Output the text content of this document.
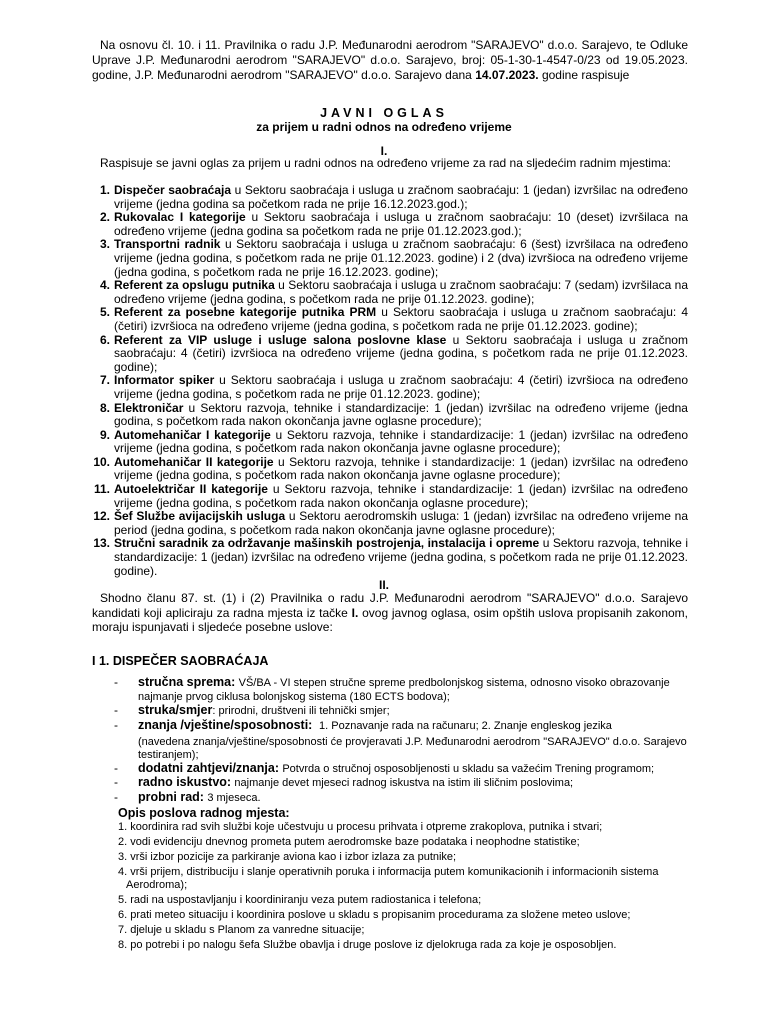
Na osnovu čl. 10. i 11. Pravilnika o radu J.P. Međunarodni aerodrom "SARAJEVO" d.o.o. Sarajevo, te Odluke Uprave J.P. Međunarodni aerodrom "SARAJEVO" d.o.o. Sarajevo, broj: 05-1-30-1-4547-0/23 od 19.05.2023. godine, J.P. Međunarodni aerodrom "SARAJEVO" d.o.o. Sarajevo dana 14.07.2023. godine raspisuje
JAVNI OGLAS
za prijem u radni odnos na određeno vrijeme
I.
Raspisuje se javni oglas za prijem u radni odnos na određeno vrijeme za rad na sljedećim radnim mjestima:
1. Dispečer saobraćaja u Sektoru saobraćaja i usluga u zračnom saobraćaju: 1 (jedan) izvršilac na određeno vrijeme (jedna godina sa početkom rada ne prije 16.12.2023.god.);
2. Rukovalac I kategorije u Sektoru saobraćaja i usluga u zračnom saobraćaju: 10 (deset) izvršilaca na određeno vrijeme (jedna godina sa početkom rada ne prije 01.12.2023.god.);
3. Transportni radnik u Sektoru saobraćaja i usluga u zračnom saobraćaju: 6 (šest) izvršilaca na određeno vrijeme (jedna godina, s početkom rada ne prije 01.12.2023. godine) i 2 (dva) izvršioca na određeno vrijeme (jedna godina, s početkom rada ne prije 16.12.2023. godine);
4. Referent za opslugu putnika u Sektoru saobraćaja i usluga u zračnom saobraćaju: 7 (sedam) izvršilaca na određeno vrijeme (jedna godina, s početkom rada ne prije 01.12.2023. godine);
5. Referent za posebne kategorije putnika PRM u Sektoru saobraćaja i usluga u zračnom saobraćaju: 4 (četiri) izvršioca na određeno vrijeme (jedna godina, s početkom rada ne prije 01.12.2023. godine);
6. Referent za VIP usluge i usluge salona poslovne klase u Sektoru saobraćaja i usluga u zračnom saobraćaju: 4 (četiri) izvršioca na određeno vrijeme (jedna godina, s početkom rada ne prije 01.12.2023. godine);
7. Informator spiker u Sektoru saobraćaja i usluga u zračnom saobraćaju: 4 (četiri) izvršioca na određeno vrijeme (jedna godina, s početkom rada ne prije 01.12.2023. godine);
8. Elektroničar u Sektoru razvoja, tehnike i standardizacije: 1 (jedan) izvršilac na određeno vrijeme (jedna godina, s početkom rada nakon okončanja javne oglasne procedure);
9. Automehaničar I kategorije u Sektoru razvoja, tehnike i standardizacije: 1 (jedan) izvršilac na određeno vrijeme (jedna godina, s početkom rada nakon okončanja javne oglasne procedure);
10. Automehaničar II kategorije u Sektoru razvoja, tehnike i standardizacije: 1 (jedan) izvršilac na određeno vrijeme (jedna godina, s početkom rada nakon okončanja javne oglasne procedure);
11. Autoelektričar II kategorije u Sektoru razvoja, tehnike i standardizacije: 1 (jedan) izvršilac na određeno vrijeme (jedna godina, s početkom rada nakon okončanja oglasne procedure);
12. Šef Službe avijacijskih usluga u Sektoru aerodromskih usluga: 1 (jedan) izvršilac na određeno vrijeme na period (jedna godina, s početkom rada nakon okončanja javne oglasne procedure);
13. Stručni saradnik za održavanje mašinskih postrojenja, instalacija i opreme u Sektoru razvoja, tehnike i standardizacije: 1 (jedan) izvršilac na određeno vrijeme (jedna godina, s početkom rada ne prije 01.12.2023. godine).
II.
Shodno članu 87. st. (1) i (2) Pravilnika o radu J.P. Međunarodni aerodrom "SARAJEVO" d.o.o. Sarajevo kandidati koji apliciraju za radna mjesta iz tačke I. ovog javnog oglasa, osim opštih uslova propisanih zakonom, moraju ispunjavati i sljedeće posebne uslove:
I 1. DISPEČER SAOBRAĆAJA
-	stručna sprema: VŠ/BA - VI stepen stručne spreme predbolonjskog sistema, odnosno visoko obrazovanje najmanje prvog ciklusa bolonjskog sistema (180 ECTS bodova);
-	struka/smjer: prirodni, društveni ili tehnički smjer;
-	znanja /vještine/sposobnosti: 1. Poznavanje rada na računaru; 2. Znanje engleskog jezika
(navedena znanja/vještine/sposobnosti će provjeravati J.P. Međunarodni aerodrom "SARAJEVO" d.o.o. Sarajevo testiranjem);
-	dodatni zahtjevi/znanja: Potvrda o stručnoj osposobljenosti u skladu sa važećim Trening programom;
-	radno iskustvo: najmanje devet mjeseci radnog iskustva na istim ili sličnim poslovima;
-	probni rad: 3 mjeseca.
Opis poslova radnog mjesta:
1. koordinira rad svih službi koje učestvuju u procesu prihvata i otpreme zrakoplova, putnika i stvari;
2. vodi evidenciju dnevnog prometa putem aerodromske baze podataka i neophodne statistike;
3. vrši izbor pozicije za parkiranje aviona kao i izbor izlaza za putnike;
4. vrši prijem, distribuciju i slanje operativnih poruka i informacija putem komunikacionih i informacionih sistema
Aerodroma);
5. radi na uspostavljanju i koordiniranju veza putem radiostanica i telefona;
6. prati meteo situaciju i koordinira poslove u skladu s propisanim procedurama za složene meteo uslove;
7. djeluje u skladu s Planom za vanredne situacije;
8. po potrebi i po nalogu šefa Službe obavlja i druge poslove iz djelokruga rada za koje je osposobljen.
